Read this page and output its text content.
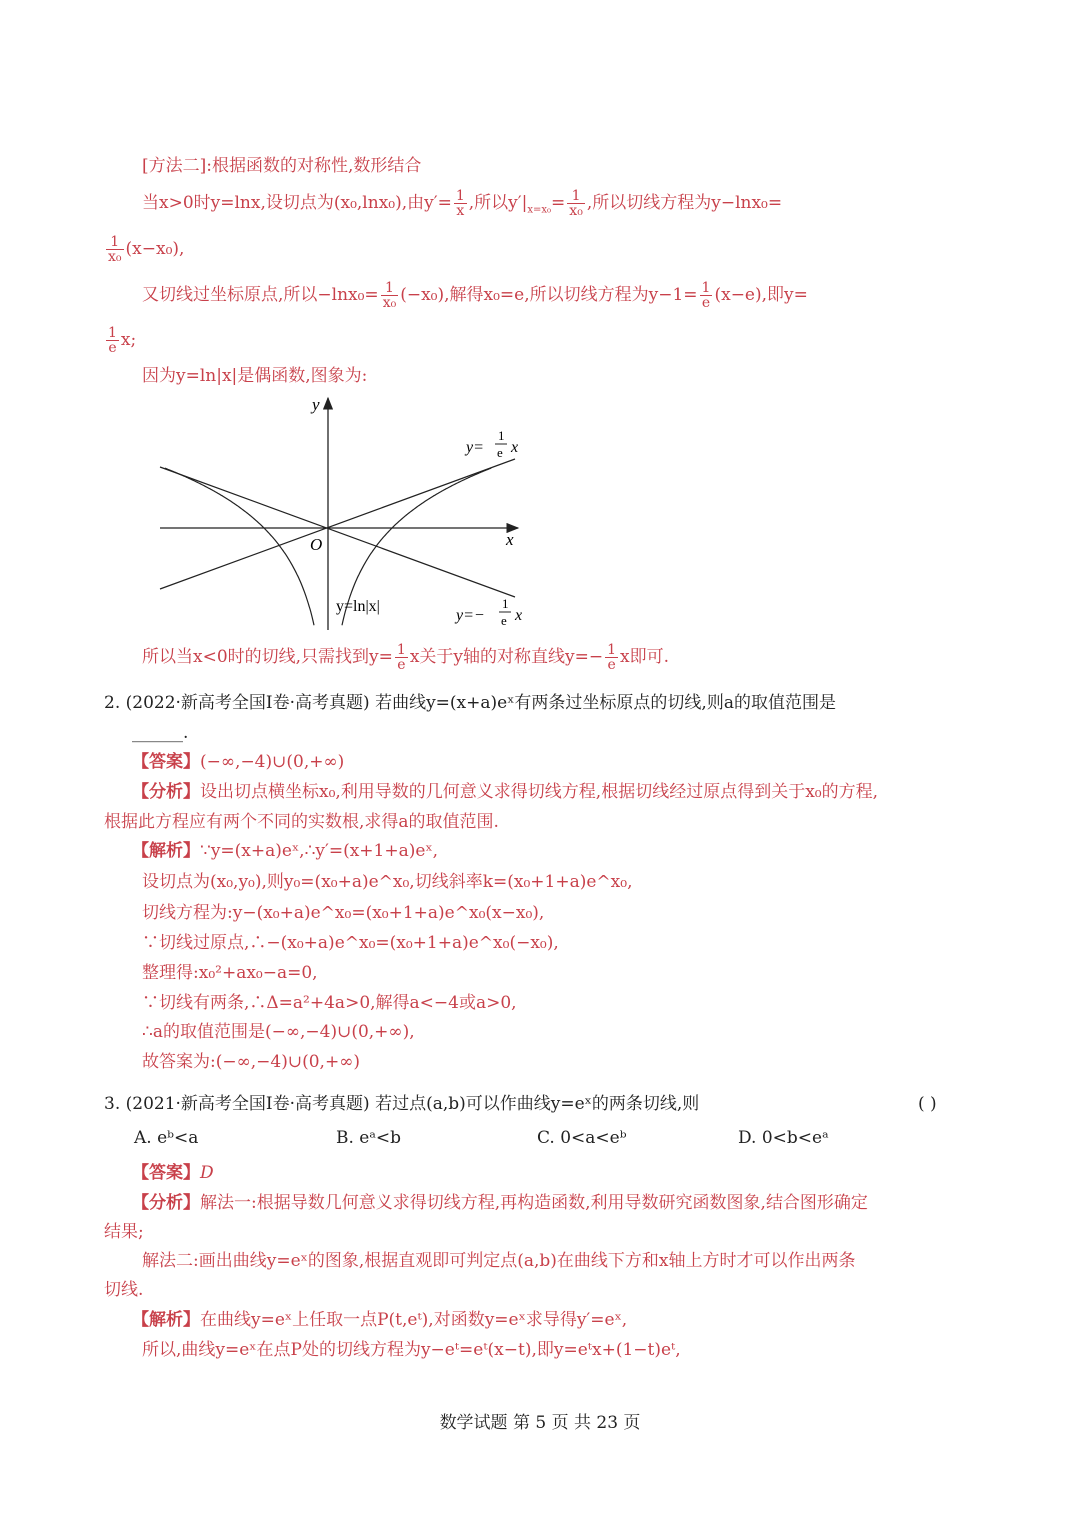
[方法二]:根据函数的对称性,数形结合
当x>0时y=lnx,设切点为(x₀,lnx₀),由$y'= \frac{1}{x}$ ,所以$y'|_{x=x_0}= \frac{1}{\text{x₀}}$ ,所以切线方程为y−lnx₀=
$\frac{1}{\text{x₀}} (x-x_0)$,
又切线过坐标原点,所以$-\ln x_0= \frac{1}{\text{x₀}} (-x_0)$,解得x₀=e,所以切线方程为$y-1= \frac{1}{e} (x-e)$,即y=
$\frac{1}{e} x$;
因为y=ln|x|是偶函数,图象为:
y
x
O
y=ln|x|
y=
1
e x
y=−
1
e x
所以当x<0时的切线,只需找到$y= \frac{1}{e}$ x关于y轴的对称直线$y=- \frac{1}{e}$ x即可.
2. (2022·新高考全国Ⅰ卷·高考真题) 若曲线y=(x+a)eˣ有两条过坐标原点的切线,则a的取值范围是
______.
【答案】(−∞,−4)∪(0,+∞)
【分析】设出切点横坐标x₀,利用导数的几何意义求得切线方程,根据切线经过原点得到关于x₀的方程,
根据此方程应有两个不同的实数根,求得a的取值范围.
【解析】∵y=(x+a)eˣ,∴y′=(x+1+a)eˣ,
设切点为(x₀,y₀),则y₀=(x₀+a)e^x₀,切线斜率k=(x₀+1+a)e^x₀,
切线方程为:y−(x₀+a)e^x₀=(x₀+1+a)e^x₀(x−x₀),
∵切线过原点,∴−(x₀+a)e^x₀=(x₀+1+a)e^x₀(−x₀),
整理得:x₀²+ax₀−a=0,
∵切线有两条,∴Δ=a²+4a>0,解得a<−4或a>0,
∴a的取值范围是(−∞,−4)∪(0,+∞),
故答案为:(−∞,−4)∪(0,+∞)
3. (2021·新高考全国Ⅰ卷·高考真题) 若过点(a,b)可以作曲线y=eˣ的两条切线,则	( )
A. eᵇ<a	B. eᵃ<b	C. 0<a<eᵇ	D. 0<b<eᵃ
【答案】D
【分析】解法一:根据导数几何意义求得切线方程,再构造函数,利用导数研究函数图象,结合图形确定
结果;
解法二:画出曲线y=eˣ的图象,根据直观即可判定点(a,b)在曲线下方和x轴上方时才可以作出两条
切线.
【解析】在曲线y=eˣ上任取一点P(t,eᵗ),对函数y=eˣ求导得y′=eˣ,
所以,曲线y=eˣ在点P处的切线方程为y−eᵗ=eᵗ(x−t),即y=eᵗx+(1−t)eᵗ,
数学试题 第 5 页 共 23 页
